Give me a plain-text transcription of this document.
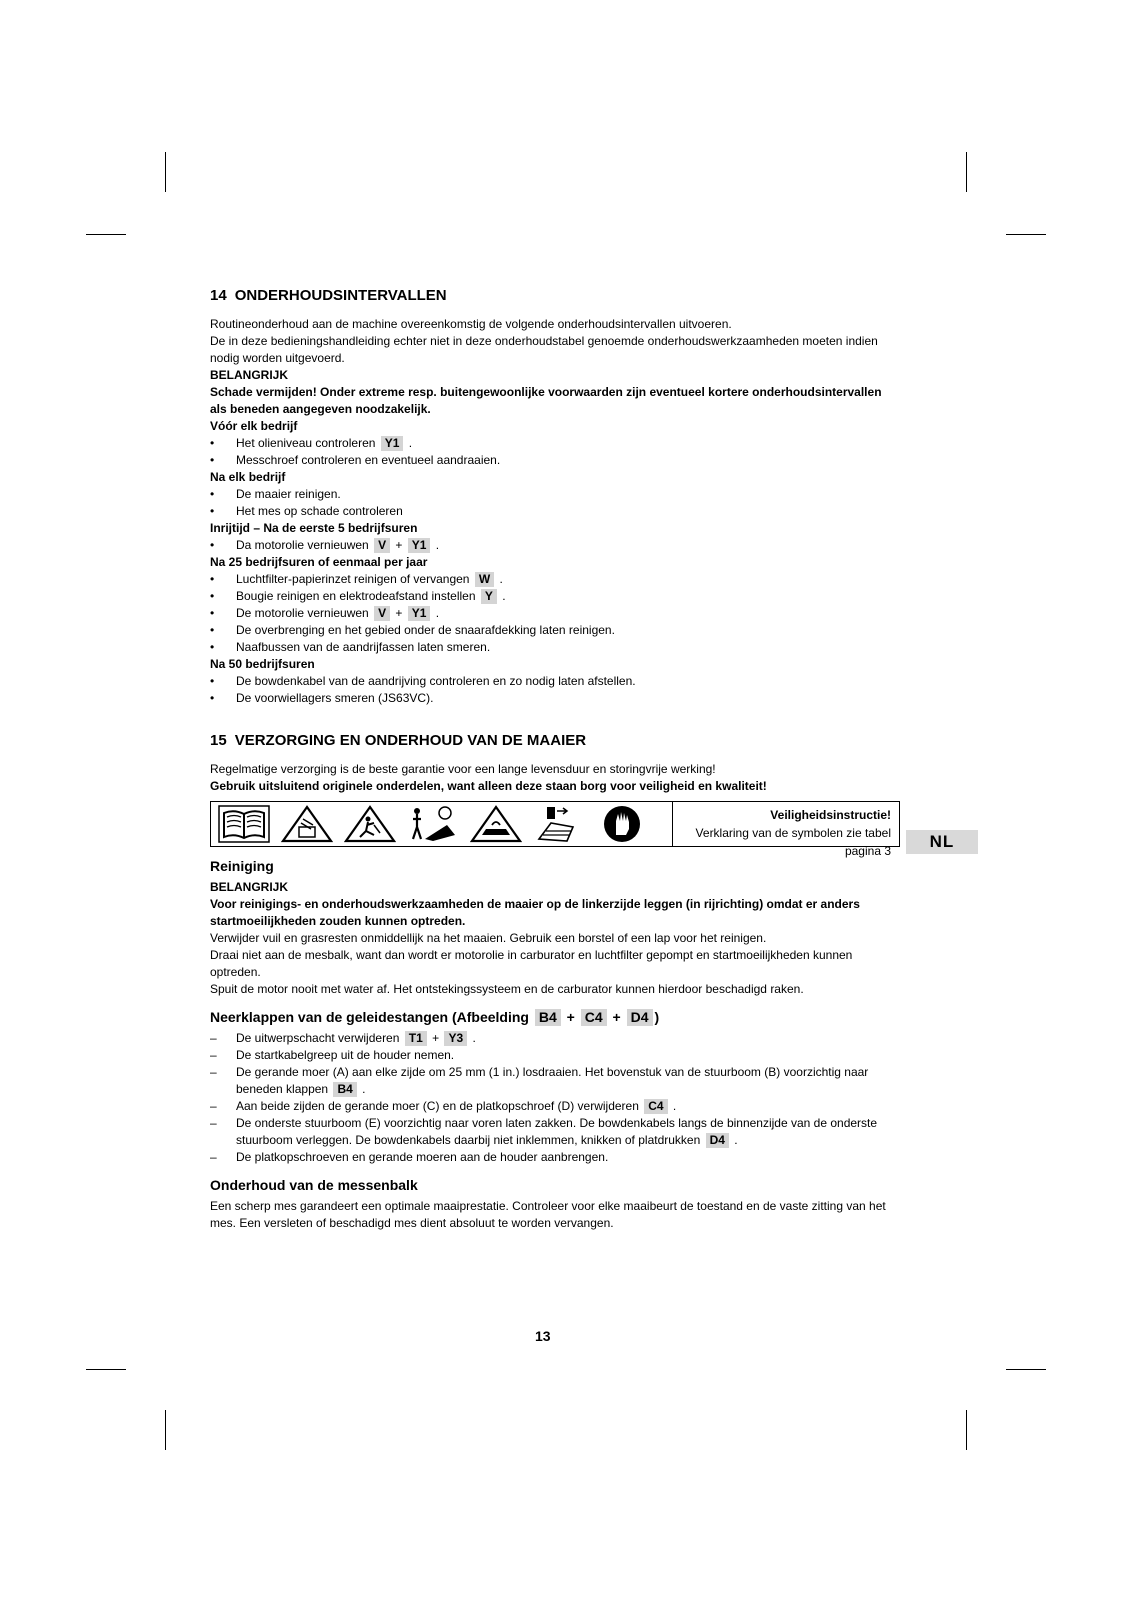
14 ONDERHOUDSINTERVALLEN

Routineonderhoud aan de machine overeenkomstig de volgende onderhoudsintervallen uitvoeren.

De in deze bedieningshandleiding echter niet in deze onderhoudstabel genoemde onderhoudswerkzaamheden moeten indien nodig worden uitgevoerd.

BELANGRIJK

Schade vermijden! Onder extreme resp. buitengewoonlijke voorwaarden zijn eventueel kortere onderhoudsintervallen als beneden aangegeven noodzakelijk.

Vóór elk bedrijf
• Het olieniveau controleren Y1 .
• Messchroef controleren en eventueel aandraaien.
Na elk bedrijf
• De maaier reinigen.
• Het mes op schade controleren
Inrijtijd – Na de eerste 5 bedrijfsuren
• Da motorolie vernieuwen V + Y1 .
Na 25 bedrijfsuren of eenmaal per jaar
• Luchtfilter-papierinzet reinigen of vervangen W .
• Bougie reinigen en elektrodeafstand instellen Y .
• De motorolie vernieuwen V + Y1 .
• De overbrenging en het gebied onder de snaarafdekking laten reinigen.
• Naafbussen van de aandrijfassen laten smeren.
Na 50 bedrijfsuren
• De bowdenkabel van de aandrijving controleren en zo nodig laten afstellen.
• De voorwiellagers smeren (JS63VC).
15 VERZORGING EN ONDERHOUD VAN DE MAAIER

Regelmatige verzorging is de beste garantie voor een lange levensduur en storingvrije werking!

Gebruik uitsluitend originele onderdelen, want alleen deze staan borg voor veiligheid en kwaliteit!

Veiligheidsinstructie!
Verklaring van de symbolen zie tabel pagina 3
Reiniging

BELANGRIJK

Voor reinigings- en onderhoudswerkzaamheden de maaier op de linkerzijde leggen (in rijrichting) omdat er anders startmoeilijkheden zouden kunnen optreden.

Verwijder vuil en grasresten onmiddellijk na het maaien. Gebruik een borstel of een lap voor het reinigen.

Draai niet aan de mesbalk, want dan wordt er motorolie in carburator en luchtfilter gepompt en startmoeilijkheden kunnen optreden.

Spuit de motor nooit met water af. Het ontstekingssysteem en de carburator kunnen hierdoor beschadigd raken.

Neerklappen van de geleidestangen (Afbeelding B4 + C4 + D4 )
– De uitwerpschacht verwijderen T1 + Y3 .
– De startkabelgreep uit de houder nemen.
– De gerande moer (A) aan elke zijde om 25 mm (1 in.) losdraaien. Het bovenstuk van de stuurboom (B) voorzichtig naar beneden klappen B4 .
– Aan beide zijden de gerande moer (C) en de platkopschroef (D) verwijderen C4 .
– De onderste stuurboom (E) voorzichtig naar voren laten zakken. De bowdenkabels langs de binnenzijde van de onderste stuurboom verleggen. De bowdenkabels daarbij niet inklemmen, knikken of platdrukken D4 .
– De platkopschroeven en gerande moeren aan de houder aanbrengen.
Onderhoud van de messenbalk

Een scherp mes garandeert een optimale maaiprestatie. Controleer voor elke maaibeurt de toestand en de vaste zitting van het mes. Een versleten of beschadigd mes dient absoluut te worden vervangen.

NL
13
